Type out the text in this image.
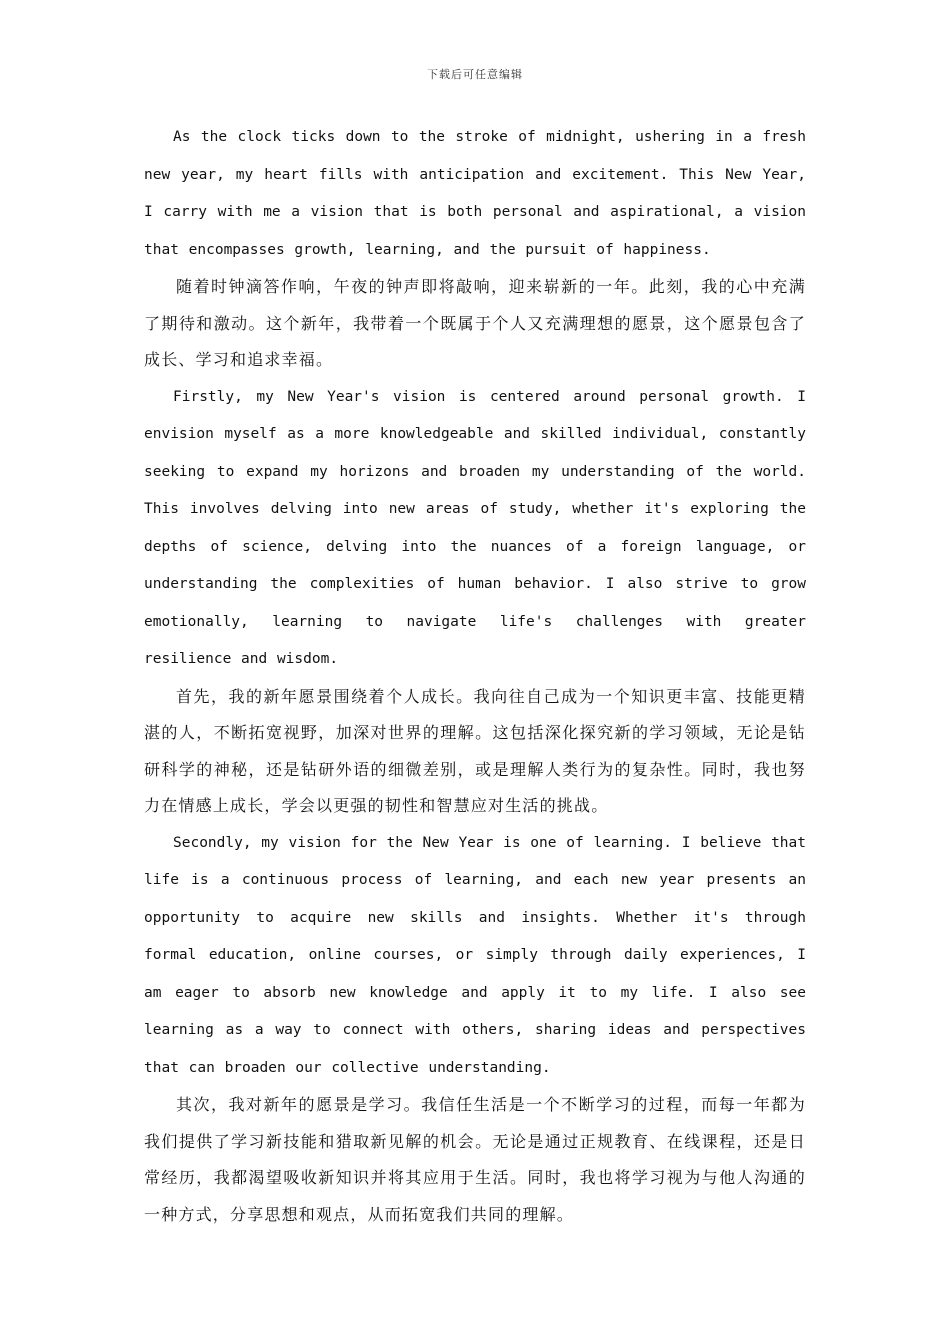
下载后可任意编辑

As the clock ticks down to the stroke of midnight, ushering in a fresh new year, my heart fills with anticipation and excitement. This New Year, I carry with me a vision that is both personal and aspirational, a vision that encompasses growth, learning, and the pursuit of happiness.

随着时钟滴答作响，午夜的钟声即将敲响，迎来崭新的一年。此刻，我的心中充满了期待和激动。这个新年，我带着一个既属于个人又充满理想的愿景，这个愿景包含了成长、学习和追求幸福。

Firstly, my New Year's vision is centered around personal growth. I envision myself as a more knowledgeable and skilled individual, constantly seeking to expand my horizons and broaden my understanding of the world. This involves delving into new areas of study, whether it's exploring the depths of science, delving into the nuances of a foreign language, or understanding the complexities of human behavior. I also strive to grow emotionally, learning to navigate life's challenges with greater resilience and wisdom.

首先，我的新年愿景围绕着个人成长。我向往自己成为一个知识更丰富、技能更精湛的人，不断拓宽视野，加深对世界的理解。这包括深化探究新的学习领域，无论是钻研科学的神秘，还是钻研外语的细微差别，或是理解人类行为的复杂性。同时，我也努力在情感上成长，学会以更强的韧性和智慧应对生活的挑战。

Secondly, my vision for the New Year is one of learning. I believe that life is a continuous process of learning, and each new year presents an opportunity to acquire new skills and insights. Whether it's through formal education, online courses, or simply through daily experiences, I am eager to absorb new knowledge and apply it to my life. I also see learning as a way to connect with others, sharing ideas and perspectives that can broaden our collective understanding.

其次，我对新年的愿景是学习。我信任生活是一个不断学习的过程，而每一年都为我们提供了学习新技能和猎取新见解的机会。无论是通过正规教育、在线课程，还是日常经历，我都渴望吸收新知识并将其应用于生活。同时，我也将学习视为与他人沟通的一种方式，分享思想和观点，从而拓宽我们共同的理解。
